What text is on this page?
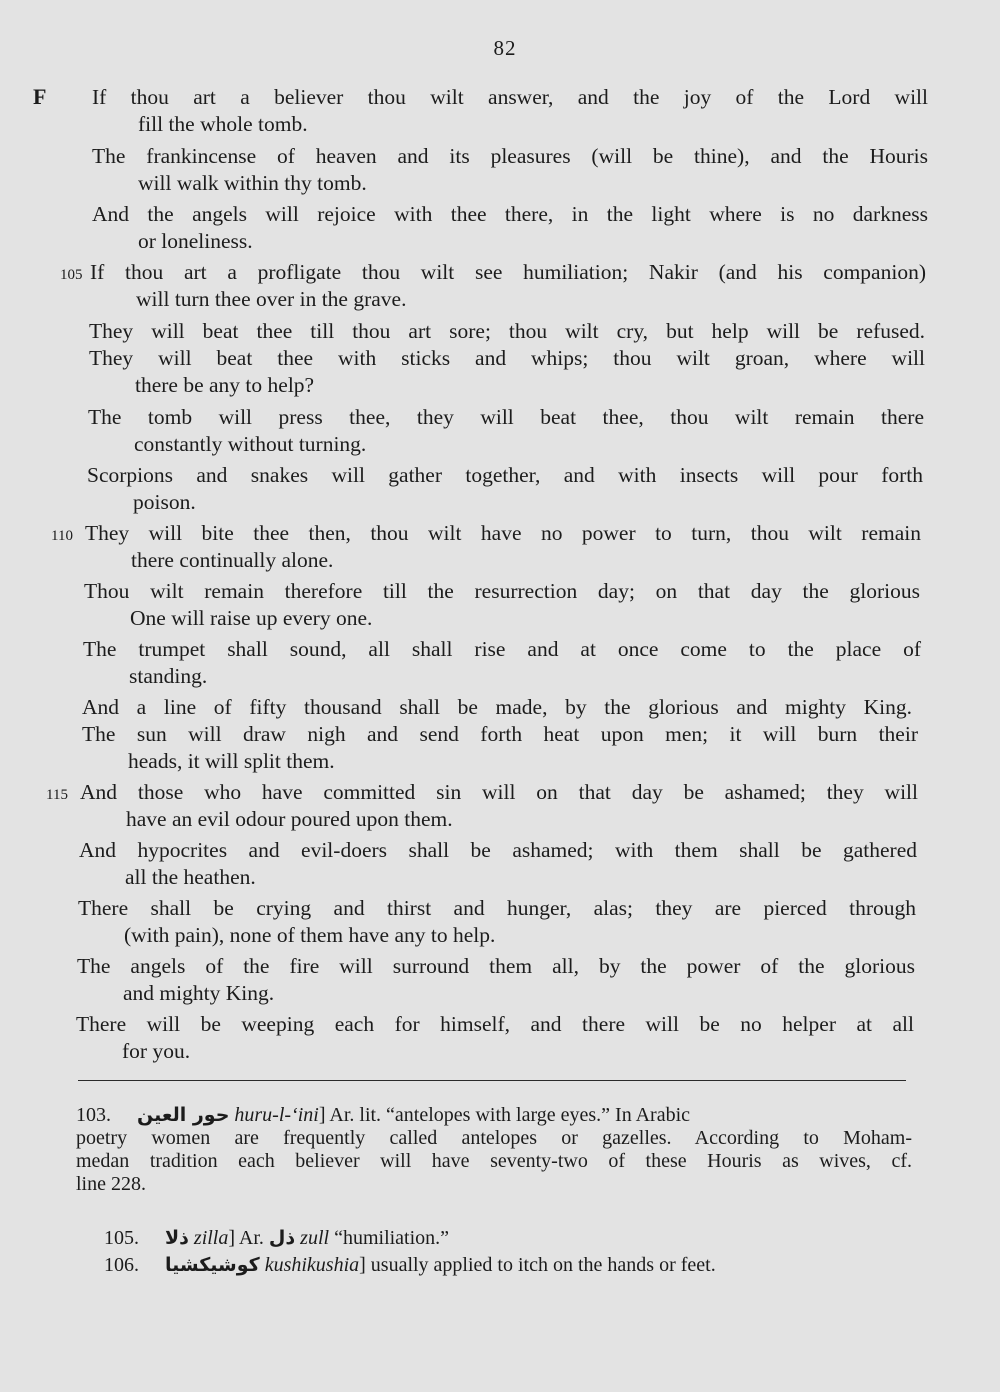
82
F If thou art a believer thou wilt answer, and the joy of the Lord will
fill the whole tomb.
The frankincense of heaven and its pleasures (will be thine), and the Houris
will walk within thy tomb.
And the angels will rejoice with thee there, in the light where is no darkness
or loneliness.
105 If thou art a profligate thou wilt see humiliation; Nakir (and his companion)
will turn thee over in the grave.
They will beat thee till thou art sore; thou wilt cry, but help will be refused.
They will beat thee with sticks and whips; thou wilt groan, where will
there be any to help?
The tomb will press thee, they will beat thee, thou wilt remain there
constantly without turning.
Scorpions and snakes will gather together, and with insects will pour forth
poison.
110 They will bite thee then, thou wilt have no power to turn, thou wilt remain
there continually alone.
Thou wilt remain therefore till the resurrection day; on that day the glorious
One will raise up every one.
The trumpet shall sound, all shall rise and at once come to the place of
standing.
And a line of fifty thousand shall be made, by the glorious and mighty King.
The sun will draw nigh and send forth heat upon men; it will burn their
heads, it will split them.
115 And those who have committed sin will on that day be ashamed; they will
have an evil odour poured upon them.
And hypocrites and evil-doers shall be ashamed; with them shall be gathered
all the heathen.
There shall be crying and thirst and hunger, alas; they are pierced through
(with pain), none of them have any to help.
The angels of the fire will surround them all, by the power of the glorious
and mighty King.
There will be weeping each for himself, and there will be no helper at all
for you.
103. حور العين huru-l-ʻini] Ar. lit. “antelopes with large eyes.” In Arabic
poetry women are frequently called antelopes or gazelles. According to Moham-
medan tradition each believer will have seventy-two of these Houris as wives, cf.
line 228.
105. ذلا zilla] Ar. ذل zull “humiliation.”
106. كوشيكشيا kushikushia] usually applied to itch on the hands or feet.
